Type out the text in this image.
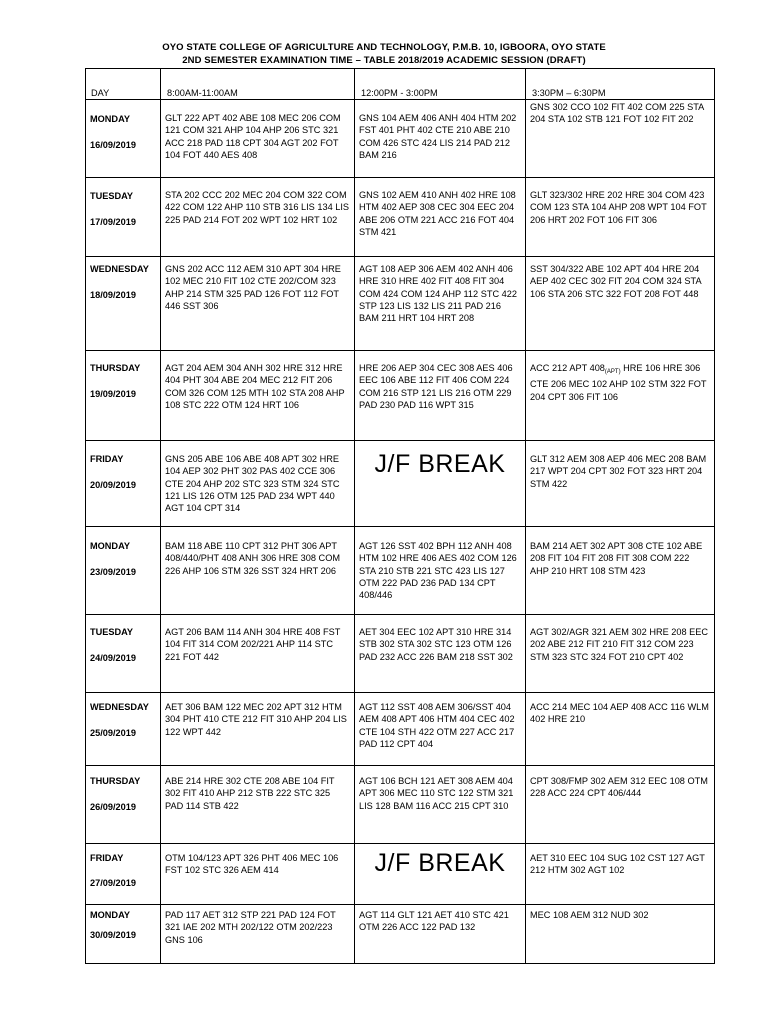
OYO STATE COLLEGE OF AGRICULTURE AND TECHNOLOGY, P.M.B. 10, IGBOORA, OYO STATE
2ND SEMESTER EXAMINATION TIME – TABLE 2018/2019 ACADEMIC SESSION (DRAFT)
DAY	8:00AM-11:00AM	12:00PM - 3:00PM	3:30PM – 6:30PM

MONDAY
16/09/2019	GLT 222 APT 402 ABE 108 MEC 206 COM 121 COM 321 AHP 104 AHP 206 STC 321 ACC 218 PAD 118 CPT 304 AGT 202 FOT 104 FOT 440 AES 408	GNS 104 AEM 406 ANH 404 HTM 202 FST 401 PHT 402 CTE 210 ABE 210 COM 426 STC 424 LIS 214 PAD 212 BAM 216	GNS 302 CCO 102 FIT 402 COM 225 STA 204 STA 102 STB 121 FOT 102 FIT 202

TUESDAY
17/09/2019	STA 202 CCC 202 MEC 204 COM 322 COM 422 COM 122 AHP 110 STB 316 LIS 134 LIS 225 PAD 214 FOT 202 WPT 102 HRT 102	GNS 102 AEM 410 ANH 402 HRE 108 HTM 402 AEP 308 CEC 304 EEC 204 ABE 206 OTM 221 ACC 216 FOT 404 STM 421	GLT 323/302 HRE 202 HRE 304 COM 423 COM 123 STA 104 AHP 208 WPT 104 FOT 206 HRT 202 FOT 106 FIT 306

WEDNESDAY
18/09/2019	GNS 202 ACC 112 AEM 310 APT 304 HRE 102 MEC 210 FIT 102 CTE 202/COM 323 AHP 214 STM 325 PAD 126 FOT 112 FOT 446 SST 306	AGT 108 AEP 306 AEM 402 ANH 406 HRE 310 HRE 402 FIT 408 FIT 304 COM 424 COM 124 AHP 112 STC 422 STP 123 LIS 132 LIS 211 PAD 216 BAM 211 HRT 104 HRT 208	SST 304/322 ABE 102 APT 404 HRE 204 AEP 402 CEC 302 FIT 204 COM 324 STA 106 STA 206 STC 322 FOT 208 FOT 448

THURSDAY
19/09/2019	AGT 204 AEM 304 ANH 302 HRE 312 HRE 404 PHT 304 ABE 204 MEC 212 FIT 206 COM 326 COM 125 MTH 102 STA 208 AHP 108 STC 222 OTM 124 HRT 106	HRE 206 AEP 304 CEC 308 AES 406 EEC 106 ABE 112 FIT 406 COM 224 COM 216 STP 121 LIS 216 OTM 229 PAD 230 PAD 116 WPT 315	ACC 212 APT $408_{(APT)}$ HRE 106 HRE 306 CTE 206 MEC 102 AHP 102 STM 322 FOT 204 CPT 306 FIT 106

FRIDAY
20/09/2019	GNS 205 ABE 106 ABE 408 APT 302 HRE 104 AEP 302 PHT 302 PAS 402 CCE 306 CTE 204 AHP 202 STC 323 STM 324 STC 121 LIS 126 OTM 125 PAD 234 WPT 440 AGT 104 CPT 314	J/F BREAK	GLT 312 AEM 308 AEP 406 MEC 208 BAM 217 WPT 204 CPT 302 FOT 323 HRT 204 STM 422

MONDAY
23/09/2019	BAM 118 ABE 110 CPT 312 PHT 306 APT 408/440/PHT 408 ANH 306 HRE 308 COM 226 AHP 106 STM 326 SST 324 HRT 206	AGT 126 SST 402 BPH 112 ANH 408 HTM 102 HRE 406 AES 402 COM 126 STA 210 STB 221 STC 423 LIS 127 OTM 222 PAD 236 PAD 134 CPT 408/446	BAM 214 AET 302 APT 308 CTE 102 ABE 208 FIT 104 FIT 208 FIT 308 COM 222 AHP 210 HRT 108 STM 423

TUESDAY
24/09/2019	AGT 206 BAM 114 ANH 304 HRE 408 FST 104 FIT 314 COM 202/221 AHP 114 STC 221 FOT 442	AET 304 EEC 102 APT 310 HRE 314 STB 302 STA 302 STC 123 OTM 126 PAD 232 ACC 226 BAM 218 SST 302	AGT 302/AGR 321 AEM 302 HRE 208 EEC 202 ABE 212 FIT 210 FIT 312 COM 223 STM 323 STC 324 FOT 210 CPT 402

WEDNESDAY
25/09/2019	AET 306 BAM 122 MEC 202 APT 312 HTM 304 PHT 410 CTE 212 FIT 310 AHP 204 LIS 122 WPT 442	AGT 112 SST 408 AEM 306/SST 404 AEM 408 APT 406 HTM 404 CEC 402 CTE 104 STH 422 OTM 227 ACC 217 PAD 112 CPT 404	ACC 214 MEC 104 AEP 408 ACC 116 WLM 402 HRE 210

THURSDAY
26/09/2019	ABE 214 HRE 302 CTE 208 ABE 104 FIT 302 FIT 410 AHP 212 STB 222 STC 325 PAD 114 STB 422	AGT 106 BCH 121 AET 308 AEM 404 APT 306 MEC 110 STC 122 STM 321 LIS 128 BAM 116 ACC 215 CPT 310	CPT 308/FMP 302 AEM 312 EEC 108 OTM 228 ACC 224 CPT 406/444

FRIDAY
27/09/2019	OTM 104/123 APT 326 PHT 406 MEC 106 FST 102 STC 326 AEM 414	J/F BREAK	AET 310 EEC 104 SUG 102 CST 127 AGT 212 HTM 302 AGT 102

MONDAY
30/09/2019	PAD 117 AET 312 STP 221 PAD 124 FOT 321 IAE 202 MTH 202/122 OTM 202/223 GNS 106	AGT 114 GLT 121 AET 410 STC 421 OTM 226 ACC 122 PAD 132	MEC 108 AEM 312 NUD 302
